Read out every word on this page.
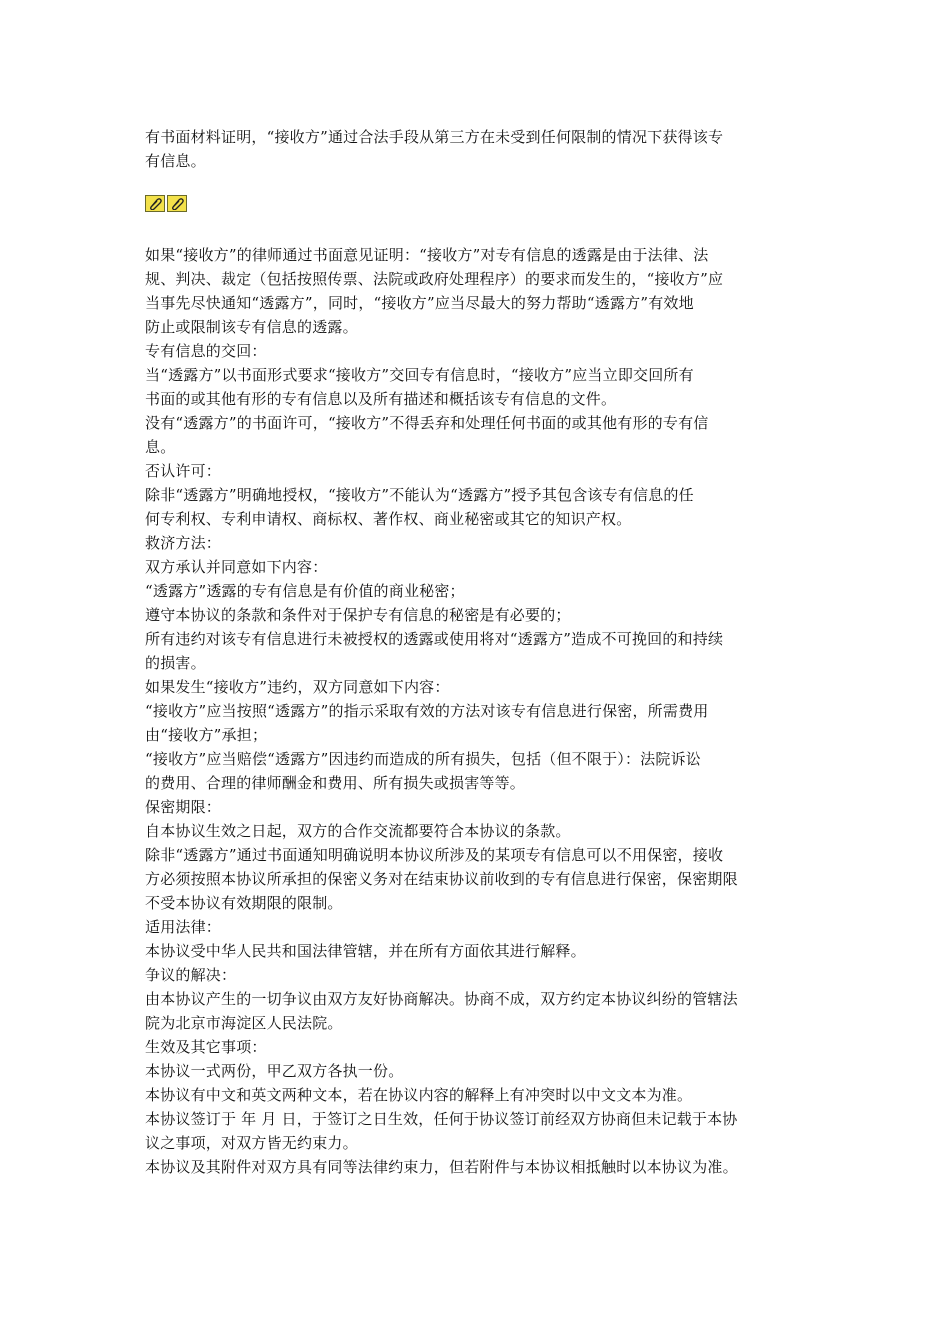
有书面材料证明，“接收方”通过合法手段从第三方在未受到任何限制的情况下获得该专
有信息。
如果“接收方”的律师通过书面意见证明：“接收方”对专有信息的透露是由于法律、法
规、判决、裁定（包括按照传票、法院或政府处理程序）的要求而发生的，“接收方”应
当事先尽快通知“透露方”，同时，“接收方”应当尽最大的努力帮助“透露方”有效地
防止或限制该专有信息的透露。
专有信息的交回：
当“透露方”以书面形式要求“接收方”交回专有信息时，“接收方”应当立即交回所有
书面的或其他有形的专有信息以及所有描述和概括该专有信息的文件。
没有“透露方”的书面许可，“接收方”不得丢弃和处理任何书面的或其他有形的专有信
息。
否认许可：
除非“透露方”明确地授权，“接收方”不能认为“透露方”授予其包含该专有信息的任
何专利权、专利申请权、商标权、著作权、商业秘密或其它的知识产权。
救济方法：
双方承认并同意如下内容：
“透露方”透露的专有信息是有价值的商业秘密；
遵守本协议的条款和条件对于保护专有信息的秘密是有必要的；
所有违约对该专有信息进行未被授权的透露或使用将对“透露方”造成不可挽回的和持续
的损害。
如果发生“接收方”违约，双方同意如下内容：
“接收方”应当按照“透露方”的指示采取有效的方法对该专有信息进行保密，所需费用
由“接收方”承担；
“接收方”应当赔偿“透露方”因违约而造成的所有损失，包括（但不限于）：法院诉讼
的费用、合理的律师酬金和费用、所有损失或损害等等。
保密期限：
自本协议生效之日起，双方的合作交流都要符合本协议的条款。
除非“透露方”通过书面通知明确说明本协议所涉及的某项专有信息可以不用保密，接收
方必须按照本协议所承担的保密义务对在结束协议前收到的专有信息进行保密，保密期限
不受本协议有效期限的限制。
适用法律：
本协议受中华人民共和国法律管辖，并在所有方面依其进行解释。
争议的解决：
由本协议产生的一切争议由双方友好协商解决。协商不成，双方约定本协议纠纷的管辖法
院为北京市海淀区人民法院。
生效及其它事项：
本协议一式两份，甲乙双方各执一份。
本协议有中文和英文两种文本，若在协议内容的解释上有冲突时以中文文本为准。
本协议签订于 年 月 日，于签订之日生效，任何于协议签订前经双方协商但未记载于本协
议之事项，对双方皆无约束力。
本协议及其附件对双方具有同等法律约束力，但若附件与本协议相抵触时以本协议为准。
